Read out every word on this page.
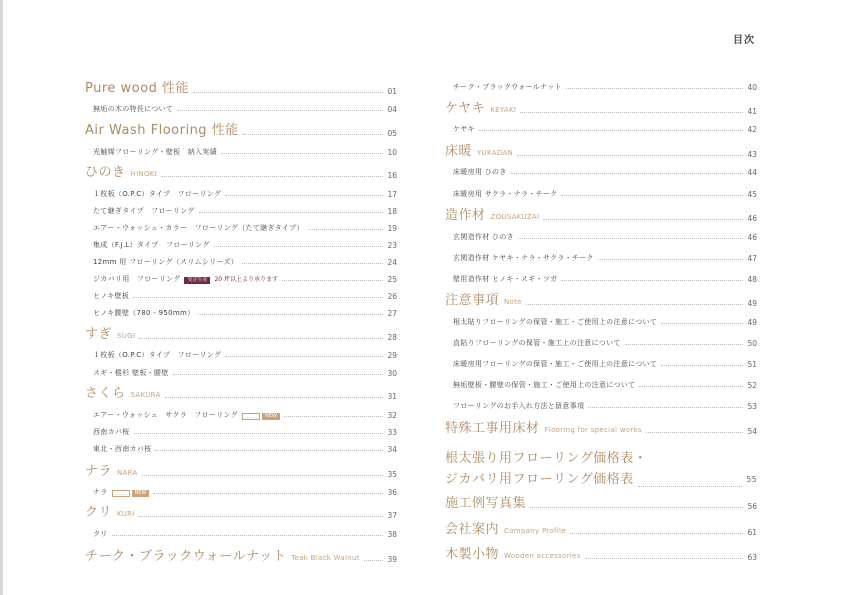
目次
Pure wood 性能	01
無垢の木の特長について	04
Air Wash Flooring 性能	05
光触媒フローリング・壁板　納入実績	10
ひのき HINOKI	16
１枚板（O.P.C）タイプ　フローリング	17
たて継ぎタイプ　フローリング	18
エアー・ウォッシュ・カラー　フローリング（たて継ぎタイプ）	19
集成（F.J.L）タイプ　フローリング	23
12mm 用 フローリング（スリムシリーズ）	24
ジカバリ用　フローリング	受注生産	20 坪以上より承ります	25
ヒノキ壁板	26
ヒノキ腰壁（780 - 950mm）	27
すぎ SUGI	28
１枚板（O.P.C）タイプ　フローリング	29
スギ・樅杉 壁板・腰壁	30
さくら SAKURA	31
エアー・ウォッシュ　サクラ　フローリング	＿＿	NEW	32
西南カバ桜	33
東北・西南カバ桜	34
ナラ NARA	35
ナラ	＿＿	NEW	36
クリ KURI	37
クリ	38
チーク・ブラックウォールナット Teak Black Walnut	39
チーク・ブラックウォールナット	40
ケヤキ KEYAKI	41
ケヤキ	42
床暖 YUKADAN	43
床暖房用 ひのき	44
床暖房用 サクラ・ナラ・チーク	45
造作材 ZOUSAKUZAI	46
玄関造作材 ひのき	46
玄関造作材 ケヤキ・ナラ・サクラ・チーク	47
壁用造作材 ヒノキ・スギ・ツガ	48
注意事項 Note	49
根太貼りフローリングの保管・施工・ご使用上の注意について	49
直貼りフローリングの保管・施工上の注意について	50
床暖房用フローリングの保管・施工・ご使用上の注意について	51
無垢壁板・腰壁の保管・施工・ご使用上の注意について	52
フローリングのお手入れ方法と留意事項	53
特殊工事用床材 Flooring for special works	54
根太張り用フローリング価格表・
ジカバリ用フローリング価格表	55
施工例写真集	56
会社案内 Company Profile	61
木製小物 Wooden accessories	63
